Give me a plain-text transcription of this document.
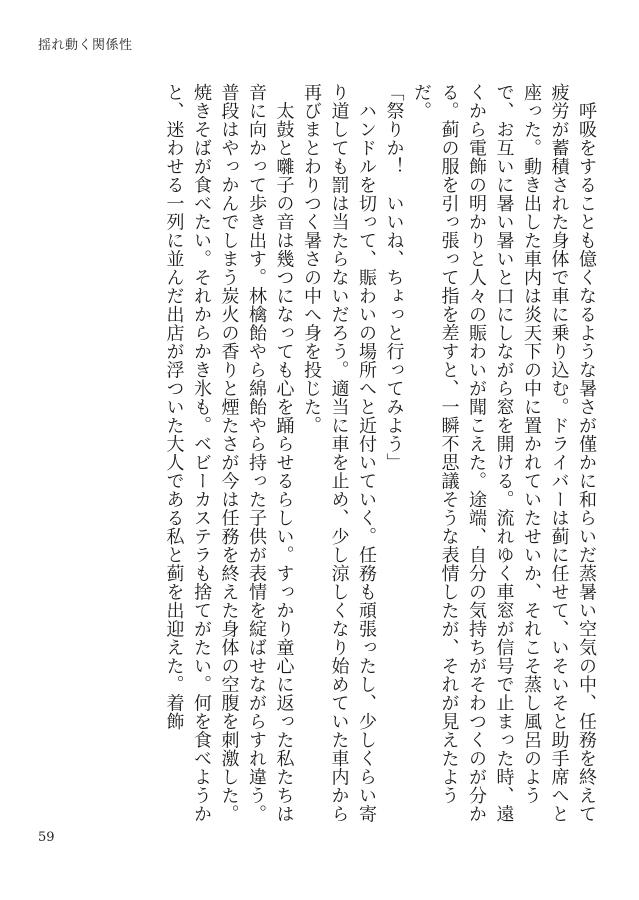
揺れ動く関係性

　呼吸をすることも億くなるような暑さが僅かに和らいだ蒸暑い空気の中、任務を終えて疲労が蓄積された身体で車に乗り込む。ドライバーは蓟に任せて、いそいそと助手席へと座った。動き出した車内は炎天下の中に置かれていたせいか、それこそ蒸し風呂のようで、お互いに暑い暑いと口にしながら窓を開ける。流れゆく車窓が信号で止まった時、遠くから電飾の明かりと人々の賑わいが聞こえた。途端、自分の気持ちがそわつくのが分かる。蓟の服を引っ張って指を差すと、一瞬不思議そうな表情したが、それが見えたようだ。

「祭りか！　いいね、ちょっと行ってみよう」

　ハンドルを切って、賑わいの場所へと近付いていく。任務も頑張ったし、少しくらい寄り道しても罰は当たらないだろう。適当に車を止め、少し涼しくなり始めていた車内から再びまとわりつく暑さの中へ身を投じた。

　太鼓と囃子の音は幾つになっても心を踊らせるらしい。すっかり童心に返った私たちは音に向かって歩き出す。林檎飴やら綿飴やら持った子供が表情を綻ばせながらすれ違う。普段はやっかんでしまう炭火の香りと煙たさが今は任務を終えた身体の空腹を刺激した。焼きそばが食べたい。それからかき氷も。ベビーカステラも捨てがたい。何を食べようかと、迷わせる一列に並んだ出店が浮ついた大人である私と蓟を出迎えた。着飾

59
